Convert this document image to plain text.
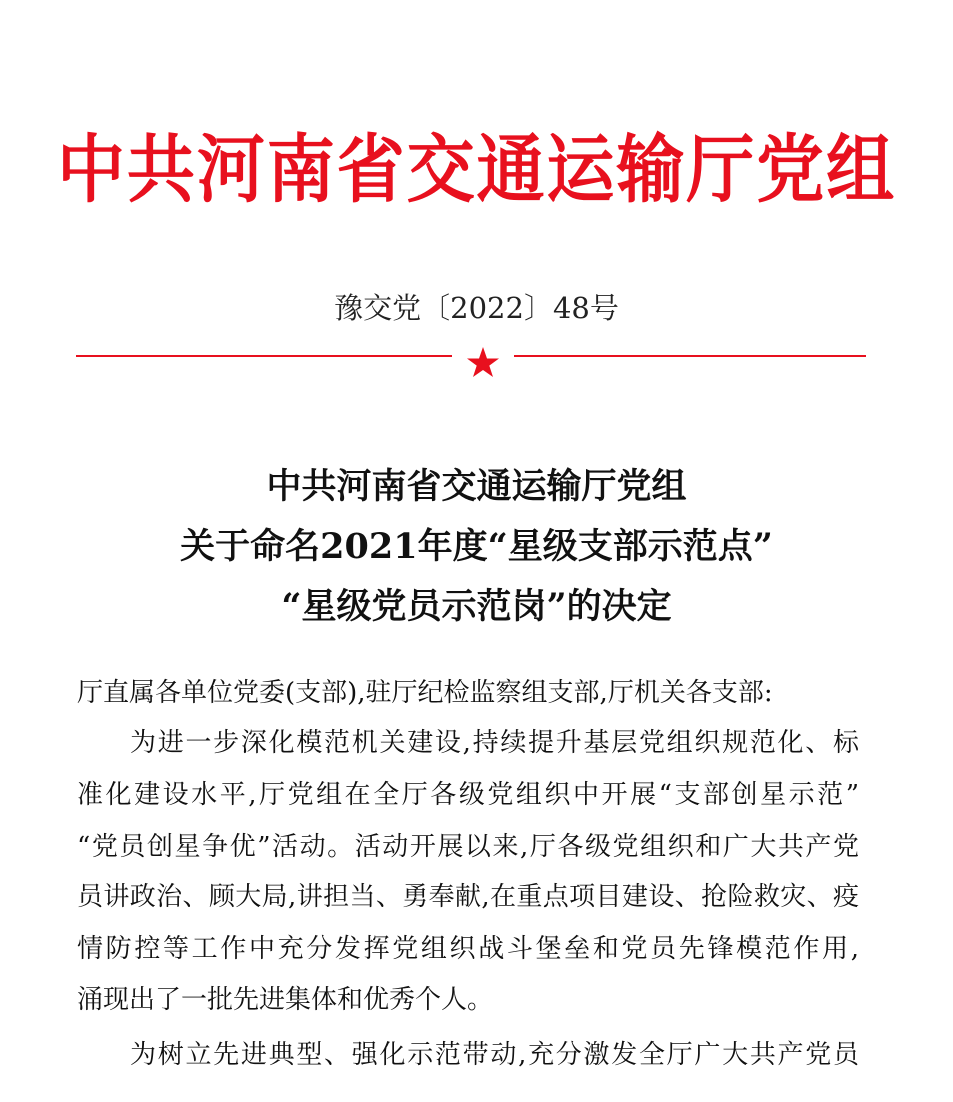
中共河南省交通运输厅党组
豫交党〔2022〕48号
中共河南省交通运输厅党组
关于命名2021年度“星级支部示范点”
“星级党员示范岗”的决定
厅直属各单位党委(支部),驻厅纪检监察组支部,厅机关各支部:
为进一步深化模范机关建设,持续提升基层党组织规范化、标
准化建设水平,厅党组在全厅各级党组织中开展“支部创星示范”
“党员创星争优”活动。活动开展以来,厅各级党组织和广大共产党
员讲政治、顾大局,讲担当、勇奉献,在重点项目建设、抢险救灾、疫
情防控等工作中充分发挥党组织战斗堡垒和党员先锋模范作用,
涌现出了一批先进集体和优秀个人。
为树立先进典型、强化示范带动,充分激发全厅广大共产党员
